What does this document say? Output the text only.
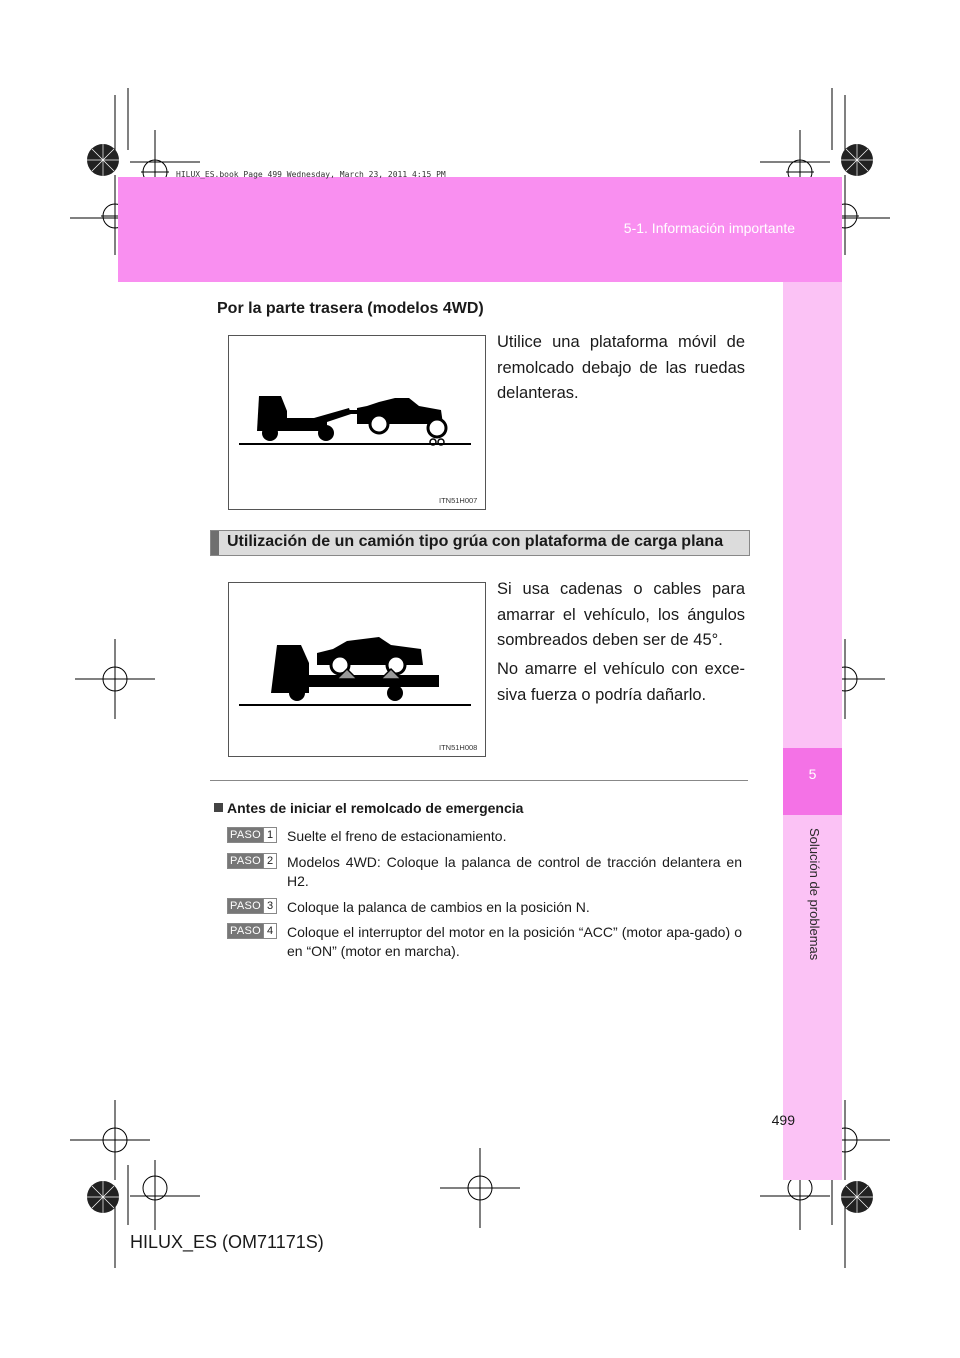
HILUX_ES.book Page 499 Wednesday, March 23, 2011 4:15 PM
5-1. Información importante
5
Solución de problemas
Por la parte trasera (modelos 4WD)
ITN51H007
Utilice una plataforma móvil de remolcado debajo de las ruedas delanteras.
Utilización de un camión tipo grúa con plataforma de carga plana
ITN51H008
Si usa cadenas o cables para amarrar el vehículo, los ángulos sombreados deben ser de 45°.
No amarre el vehículo con exce-siva fuerza o podría dañarlo.
Antes de iniciar el remolcado de emergencia
PASO 1 Suelte el freno de estacionamiento.
PASO 2 Modelos 4WD: Coloque la palanca de control de tracción delantera en H2.
PASO 3 Coloque la palanca de cambios en la posición N.
PASO 4 Coloque el interruptor del motor en la posición “ACC” (motor apa-gado) o en “ON” (motor en marcha).
499
HILUX_ES (OM71171S)
